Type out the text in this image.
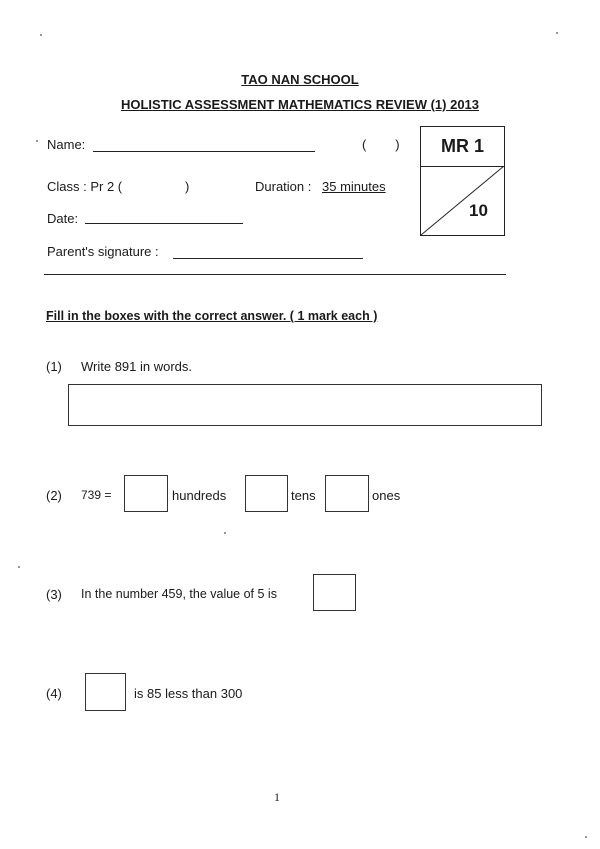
TAO NAN SCHOOL
HOLISTIC ASSESSMENT MATHEMATICS REVIEW (1) 2013
Name:	(        )
Class : Pr 2 (	)	Duration : 35 minutes
Date:
Parent's signature :
MR 1
10
Fill in the boxes with the correct answer. ( 1 mark each )
(1) Write 891 in words.
(2) 739 =	hundreds	tens	ones
(3) In the number 459, the value of 5 is
(4)	is 85 less than 300
1
